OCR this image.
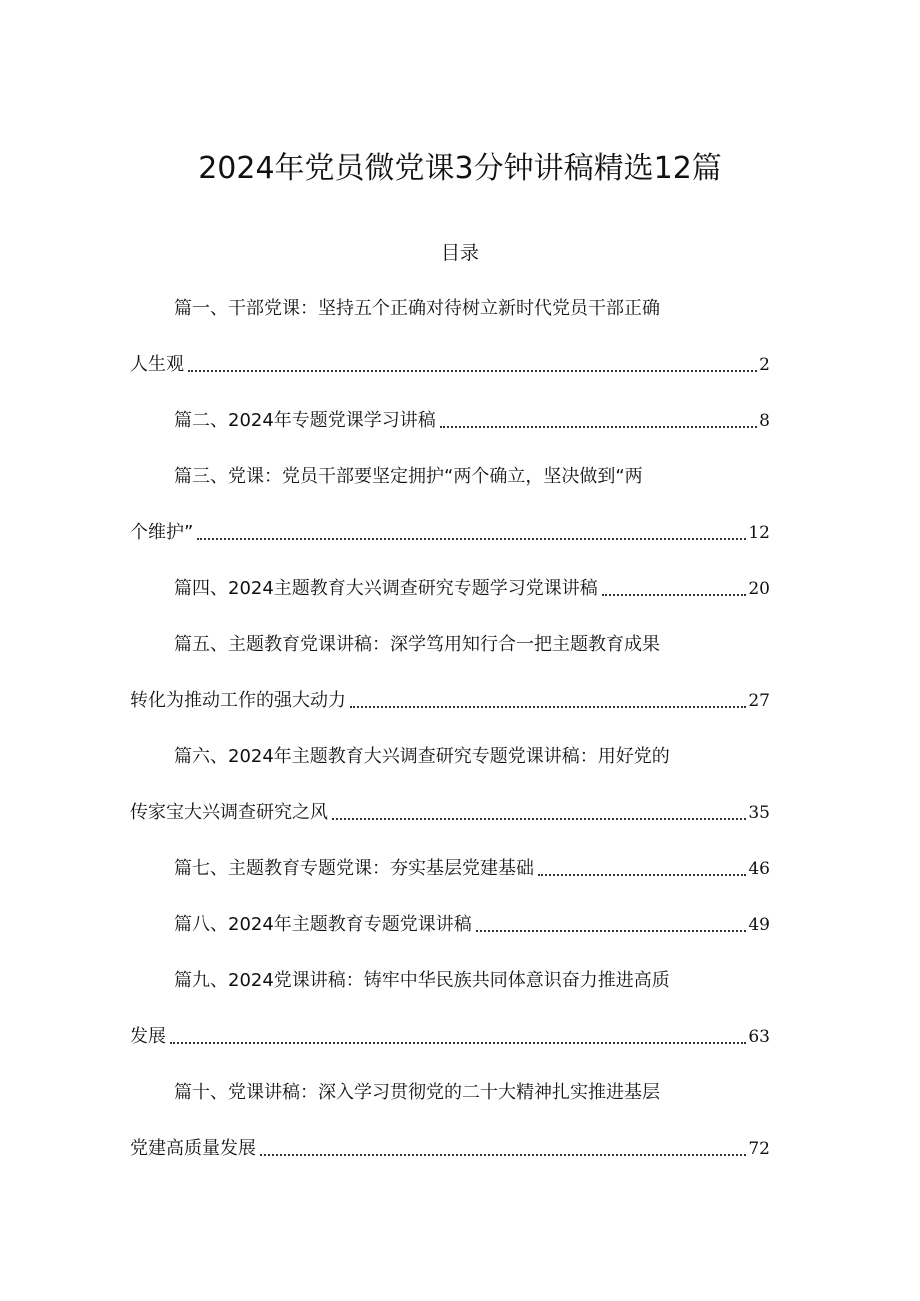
2024年党员微党课3分钟讲稿精选12篇
目录
篇一、干部党课：坚持五个正确对待树立新时代党员干部正确
人生观	2
篇二、2024年专题党课学习讲稿	8
篇三、党课：党员干部要坚定拥护“两个确立，坚决做到“两
个维护”	12
篇四、2024主题教育大兴调查研究专题学习党课讲稿	20
篇五、主题教育党课讲稿：深学笃用知行合一把主题教育成果
转化为推动工作的强大动力	27
篇六、2024年主题教育大兴调查研究专题党课讲稿：用好党的
传家宝大兴调查研究之风	35
篇七、主题教育专题党课：夯实基层党建基础	46
篇八、2024年主题教育专题党课讲稿	49
篇九、2024党课讲稿：铸牢中华民族共同体意识奋力推进高质
发展	63
篇十、党课讲稿：深入学习贯彻党的二十大精神扎实推进基层
党建高质量发展	72
